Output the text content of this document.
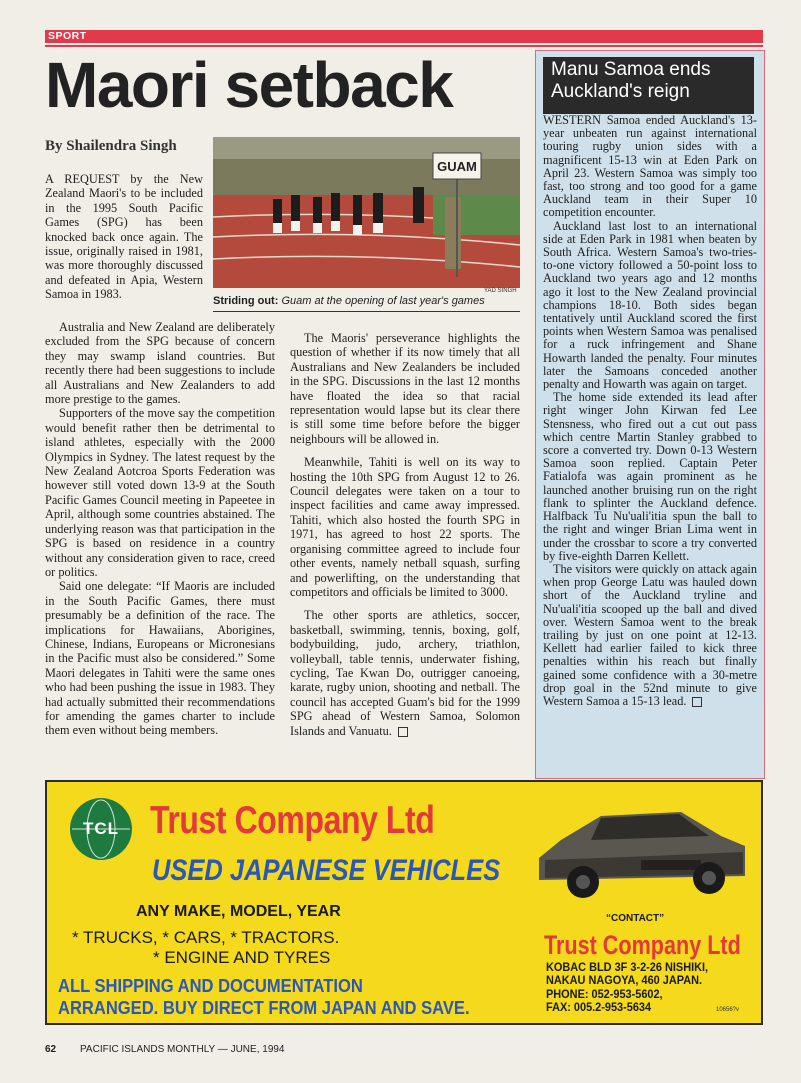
SPORT
Maori setback
By Shailendra Singh
GUAM
YAD SINGH
Striding out: Guam at the opening of last year's games

A REQUEST by the New Zealand Maori's to be included in the 1995 South Pacific Games (SPG) has been knocked back once again. The issue, originally raised in 1981, was more thoroughly discussed and defeated in Apia, Western Samoa in 1983.

Australia and New Zealand are deliberately excluded from the SPG because of concern they may swamp island countries. But recently there had been suggestions to include all Australians and New Zealanders to add more prestige to the games.

Supporters of the move say the competition would benefit rather then be detrimental to island athletes, especially with the 2000 Olympics in Sydney. The latest request by the New Zealand Aotcroa Sports Federation was however still voted down 13-9 at the South Pacific Games Council meeting in Papeetee in April, although some countries abstained. The underlying reason was that participation in the SPG is based on residence in a country without any consideration given to race, creed or politics.

Said one delegate: “If Maoris are included in the South Pacific Games, there must presumably be a definition of the race. The implications for Hawaiians, Aborigines, Chinese, Indians, Europeans or Micronesians in the Pacific must also be considered.” Some Maori delegates in Tahiti were the same ones who had been pushing the issue in 1983. They had actually submitted their recommendations for amending the games charter to include them even without being members.

The Maoris' perseverance highlights the question of whether if its now timely that all Australians and New Zealanders be included in the SPG. Discussions in the last 12 months have floated the idea so that racial representation would lapse but its clear there is still some time before before the bigger neighbours will be allowed in.

Meanwhile, Tahiti is well on its way to hosting the 10th SPG from August 12 to 26. Council delegates were taken on a tour to inspect facilities and came away impressed. Tahiti, which also hosted the fourth SPG in 1971, has agreed to host 22 sports. The organising committee agreed to include four other events, namely netball squash, surfing and powerlifting, on the understanding that competitors and officials be limited to 3000.

The other sports are athletics, soccer, basketball, swimming, tennis, boxing, golf, bodybuilding, judo, archery, triathlon, volleyball, table tennis, underwater fishing, cycling, Tae Kwan Do, outrigger canoeing, karate, rugby union, shooting and netball. The council has accepted Guam's bid for the 1999 SPG ahead of Western Samoa, Solomon Islands and Vanuatu.

Manu Samoa ends Auckland's reign

WESTERN Samoa ended Auckland's 13-year unbeaten run against international touring rugby union sides with a magnificent 15-13 win at Eden Park on April 23. Western Samoa was simply too fast, too strong and too good for a game Auckland team in their Super 10 competition encounter.

Auckland last lost to an international side at Eden Park in 1981 when beaten by South Africa. Western Samoa's two-tries-to-one victory followed a 50-point loss to Auckland two years ago and 12 months ago it lost to the New Zealand provincial champions 18-10. Both sides began tentatively until Auckland scored the first points when Western Samoa was penalised for a ruck infringement and Shane Howarth landed the penalty. Four minutes later the Samoans conceded another penalty and Howarth was again on target.

The home side extended its lead after right winger John Kirwan fed Lee Stensness, who fired out a cut out pass which centre Martin Stanley grabbed to score a converted try. Down 0-13 Western Samoa soon replied. Captain Peter Fatialofa was again prominent as he launched another bruising run on the right flank to splinter the Auckland defence. Halfback Tu Nu'uali'itia spun the ball to the right and winger Brian Lima went in under the crossbar to score a try converted by five-eighth Darren Kellett.

The visitors were quickly on attack again when prop George Latu was hauled down short of the Auckland tryline and Nu'uali'itia scooped up the ball and dived over. Western Samoa went to the break trailing by just on one point at 12-13. Kellett had earlier failed to kick three penalties within his reach but finally gained some confidence with a 30-metre drop goal in the 52nd minute to give Western Samoa a 15-13 lead.

TCL Trust Company Ltd
USED JAPANESE VEHICLES
ANY MAKE, MODEL, YEAR
* TRUCKS, * CARS, * TRACTORS.
* ENGINE AND TYRES
ALL SHIPPING AND DOCUMENTATION
ARRANGED. BUY DIRECT FROM JAPAN AND SAVE.
“CONTACT”
Trust Company Ltd
KOBAC BLD 3F 3-2-26 NISHIKI,
NAKAU NAGOYA, 460 JAPAN.
PHONE: 052-953-5602,
FAX: 005.2-953-5634	10656?v
62 PACIFIC ISLANDS MONTHLY — JUNE, 1994
